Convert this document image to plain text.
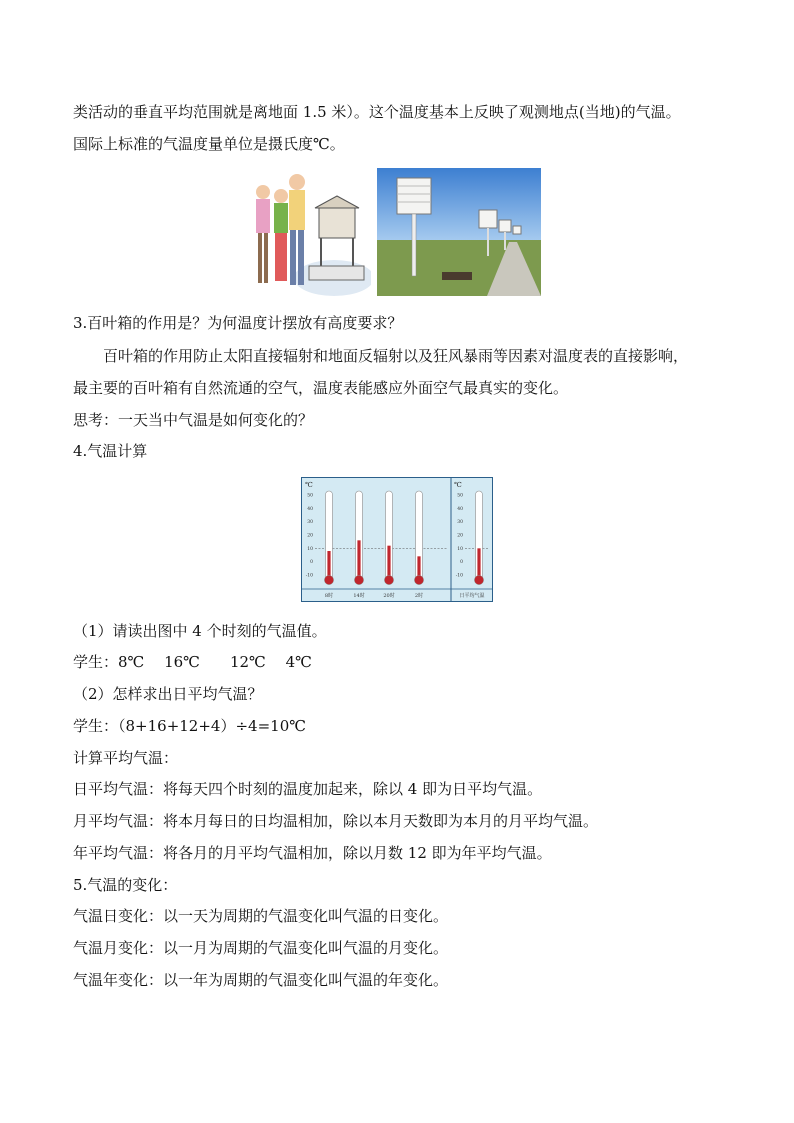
类活动的垂直平均范围就是离地面 1.5 米）。这个温度基本上反映了观测地点(当地)的气温。
国际上标准的气温度量单位是摄氏度℃。
3.百叶箱的作用是？为何温度计摆放有高度要求？
百叶箱的作用防止太阳直接辐射和地面反辐射以及狂风暴雨等因素对温度表的直接影响，
最主要的百叶箱有自然流通的空气，温度表能感应外面空气最真实的变化。
思考：一天当中气温是如何变化的？
4.气温计算
℃	℃
50	50
40	40
30	30
20	20
10	10
0	0
-10	-10
8时	14时	20时	2时	日平均气温
（1）请读出图中 4 个时刻的气温值。
学生：8℃　 16℃　　12℃　 4℃
（2）怎样求出日平均气温？
学生：（8+16+12+4）÷4=10℃
计算平均气温：
日平均气温：将每天四个时刻的温度加起来，除以 4 即为日平均气温。
月平均气温：将本月每日的日均温相加，除以本月天数即为本月的月平均气温。
年平均气温：将各月的月平均气温相加，除以月数 12 即为年平均气温。
5.气温的变化：
气温日变化：以一天为周期的气温变化叫气温的日变化。
气温月变化：以一月为周期的气温变化叫气温的月变化。
气温年变化：以一年为周期的气温变化叫气温的年变化。
